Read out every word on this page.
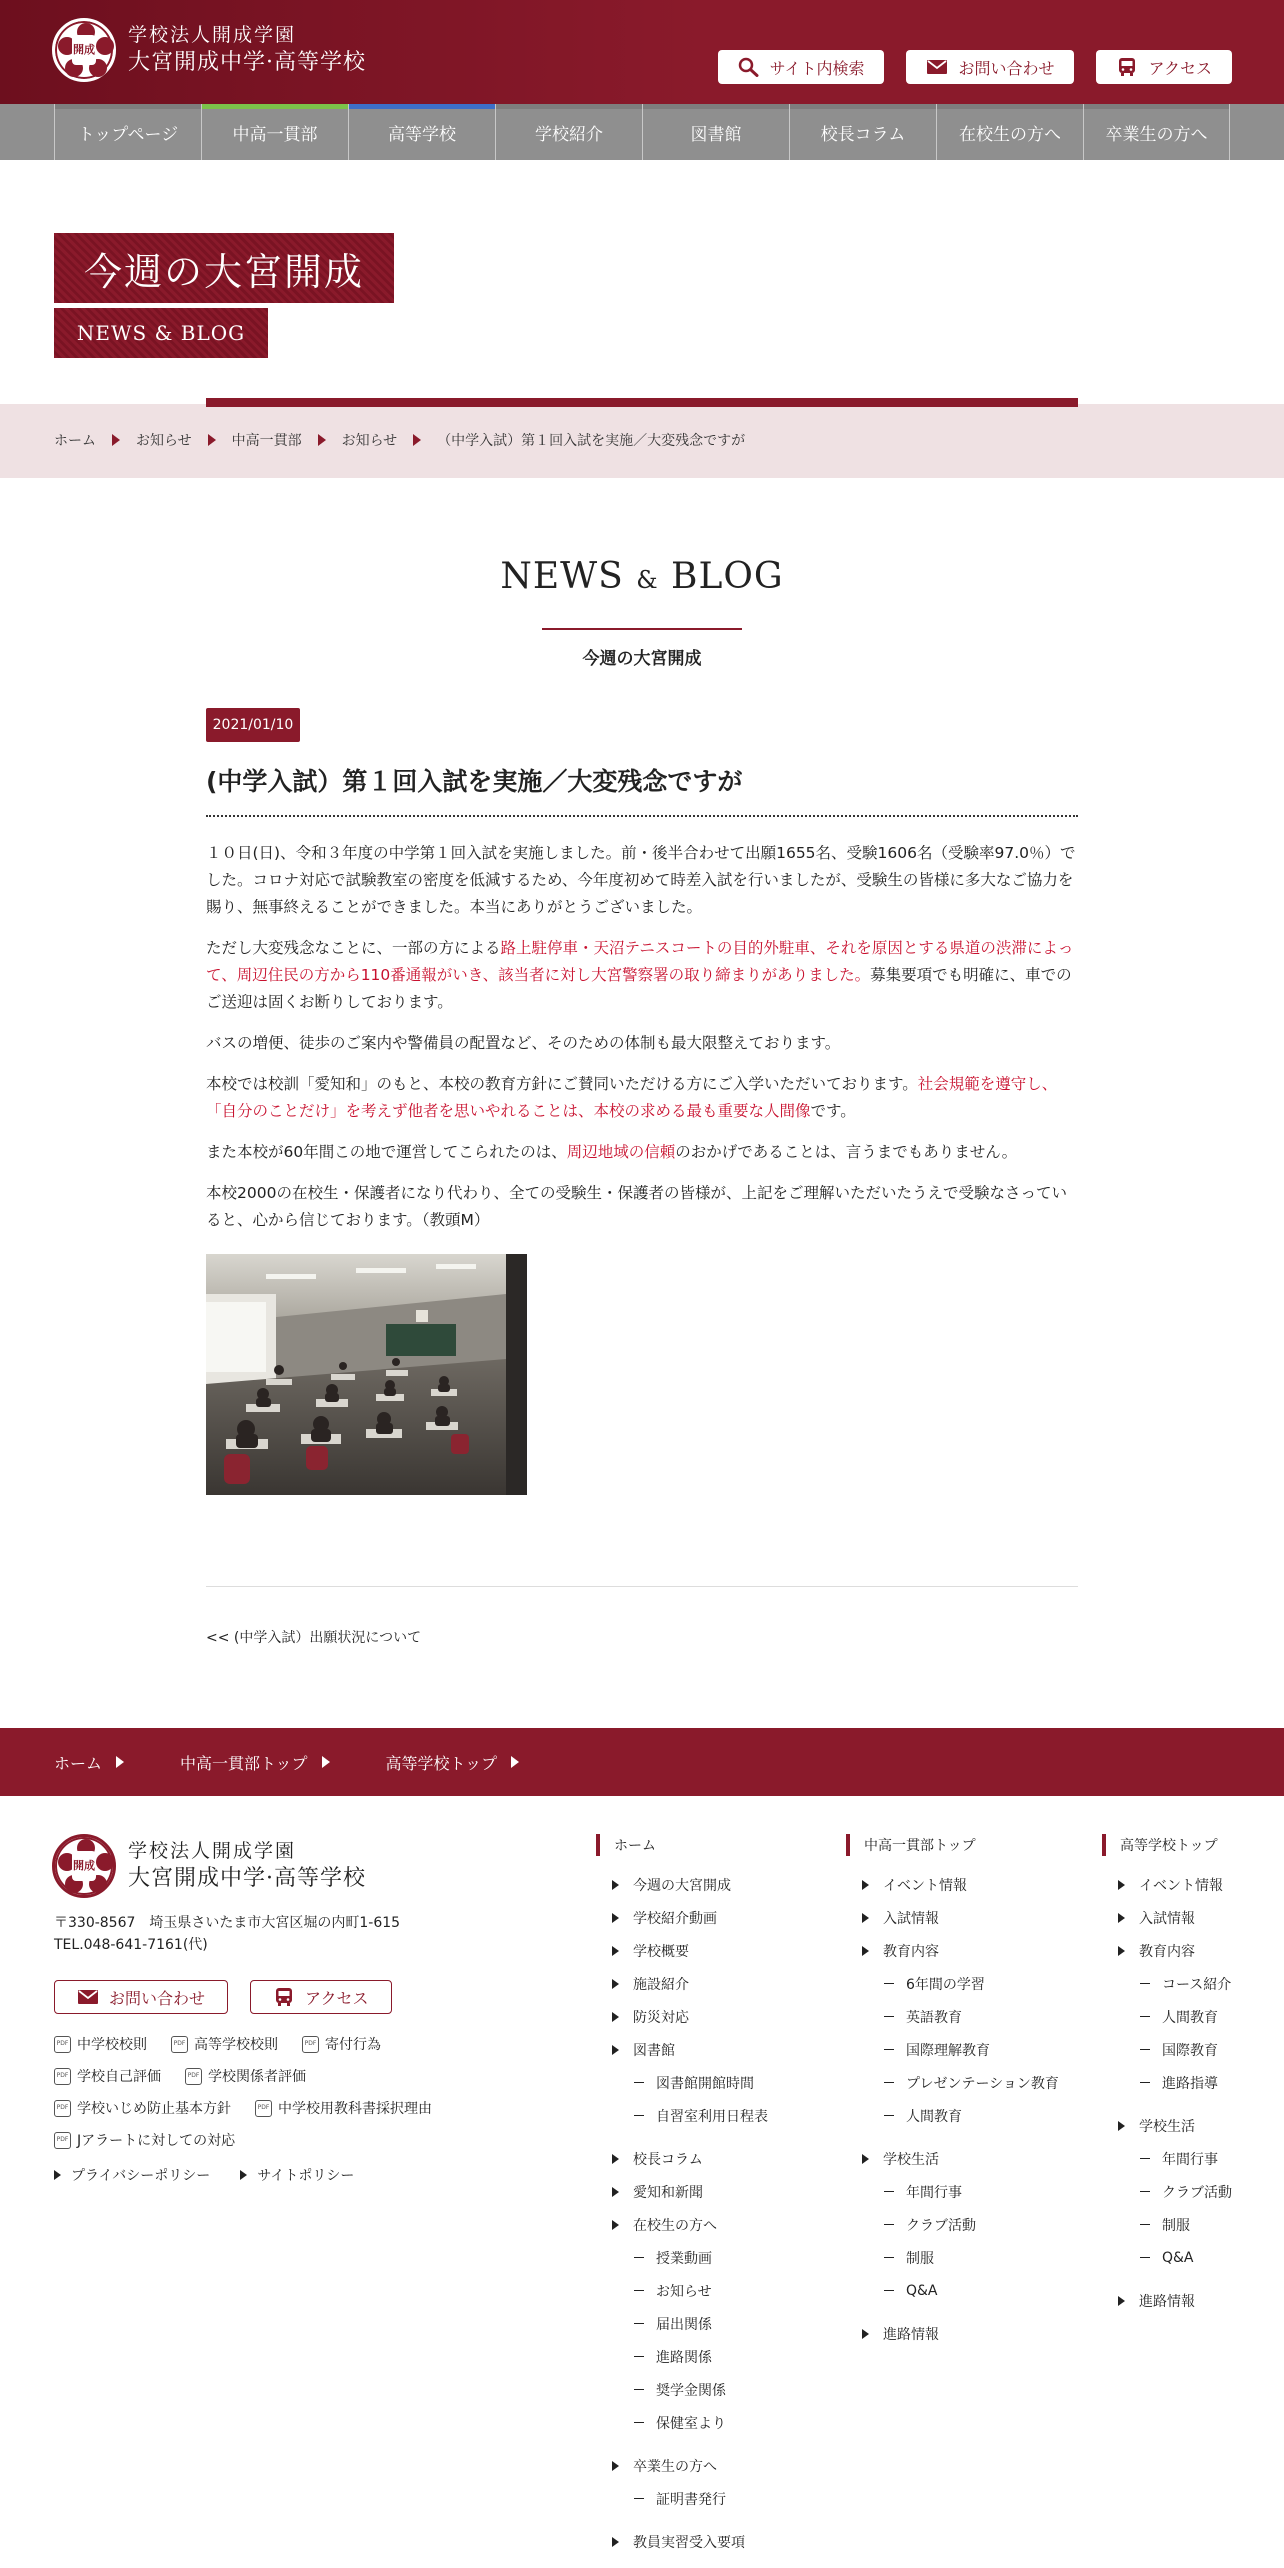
開成
学校法人開成学園
大宮開成中学·高等学校	サイト内検索	お問い合わせ	アクセス
トップページ	中高一貫部	高等学校	学校紹介	図書館	校長コラム	在校生の方へ	卒業生の方へ
今週の大宮開成
NEWS & BLOG
ホーム	お知らせ	中高一貫部	お知らせ	（中学入試）第１回入試を実施／大変残念ですが
NEWS & BLOG
今週の大宮開成
2021/01/10
(中学入試）第１回入試を実施／大変残念ですが

１０日(日)、令和３年度の中学第１回入試を実施しました。前・後半合わせて出願1655名、受験1606名（受験率97.0％）でした。コロナ対応で試験教室の密度を低減するため、今年度初めて時差入試を行いましたが、受験生の皆様に多大なご協力を賜り、無事終えることができました。本当にありがとうございました。

ただし大変残念なことに、一部の方による路上駐停車・天沼テニスコートの目的外駐車、それを原因とする県道の渋滞によって、周辺住民の方から110番通報がいき、該当者に対し大宮警察署の取り締まりがありました。募集要項でも明確に、車でのご送迎は固くお断りしております。

バスの増便、徒歩のご案内や警備員の配置など、そのための体制も最大限整えております。

本校では校訓「愛知和」のもと、本校の教育方針にご賛同いただける方にご入学いただいております。社会規範を遵守し、「自分のことだけ」を考えず他者を思いやれることは、本校の求める最も重要な人間像です。

また本校が60年間この地で運営してこられたのは、周辺地域の信頼のおかげであることは、言うまでもありません。

本校2000の在校生・保護者になり代わり、全ての受験生・保護者の皆様が、上記をご理解いただいたうえで受験なさっていると、心から信じております。（教頭M）

<< (中学入試）出願状況について
ホーム	中高一貫部トップ	高等学校トップ
開成
学校法人開成学園
大宮開成中学·高等学校
〒330-8567　埼玉県さいたま市大宮区堀の内町1-615
TEL.048-641-7161(代)
お問い合わせ	アクセス
PDF 中学校校則	PDF 高等学校校則	PDF 寄付行為
PDF 学校自己評価	PDF 学校関係者評価
PDF 学校いじめ防止基本方針	PDF 中学校用教科書採択理由
PDF Jアラートに対しての対応
プライバシーポリシー	サイトポリシー
ホーム
今週の大宮開成
学校紹介動画
学校概要
施設紹介
防災対応
図書館
図書館開館時間
自習室利用日程表
校長コラム
愛知和新聞
在校生の方へ
授業動画
お知らせ
届出関係
進路関係
奨学金関係
保健室より
卒業生の方へ
証明書発行
教員実習受入要項
中高一貫部トップ
イベント情報
入試情報
教育内容
6年間の学習
英語教育
国際理解教育
プレゼンテーション教育
人間教育
学校生活
年間行事
クラブ活動
制服
Q&A
進路情報
高等学校トップ
イベント情報
入試情報
教育内容
コース紹介
人間教育
国際教育
進路指導
学校生活
年間行事
クラブ活動
制服
Q&A
進路情報
